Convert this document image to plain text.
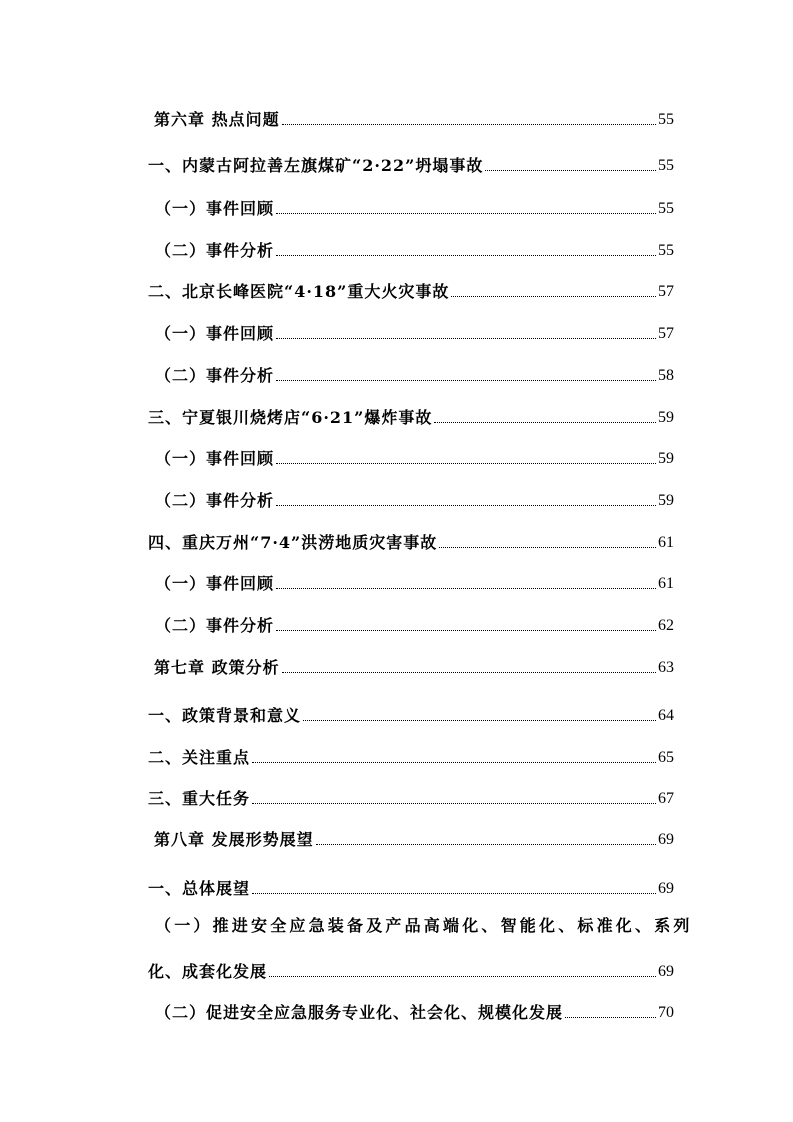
第六章 热点问题	55
一、内蒙古阿拉善左旗煤矿“2·22”坍塌事故	55
（一）事件回顾	55
（二）事件分析	55
二、北京长峰医院“4·18”重大火灾事故	57
（一）事件回顾	57
（二）事件分析	58
三、宁夏银川烧烤店“6·21”爆炸事故	59
（一）事件回顾	59
（二）事件分析	59
四、重庆万州“7·4”洪涝地质灾害事故	61
（一）事件回顾	61
（二）事件分析	62
第七章 政策分析	63
一、政策背景和意义	64
二、关注重点	65
三、重大任务	67
第八章 发展形势展望	69
一、总体展望	69
（一）推进安全应急装备及产品高端化、智能化、标准化、系列
化、成套化发展	69
（二）促进安全应急服务专业化、社会化、规模化发展	70
